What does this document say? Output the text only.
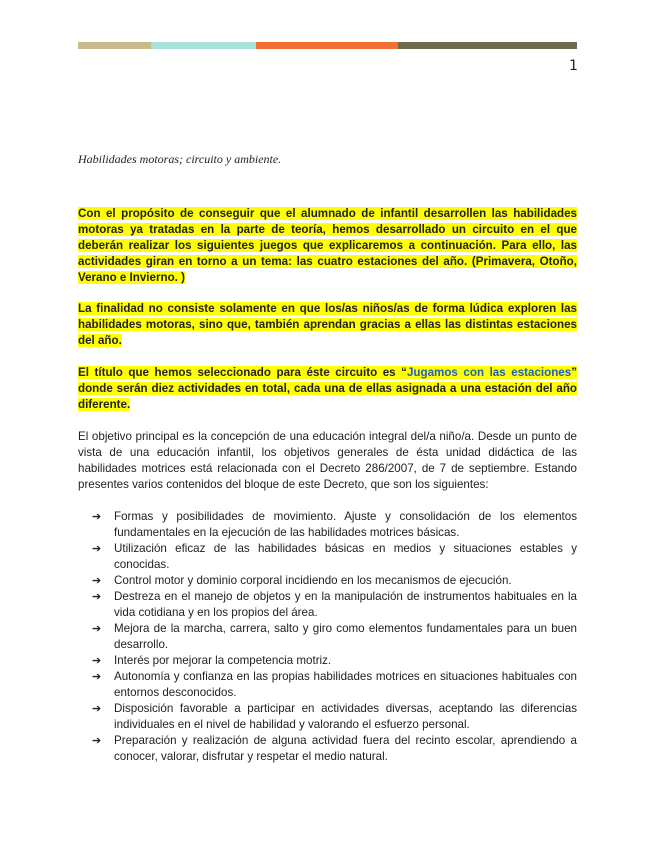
1
Habilidades motoras; circuito y ambiente.

Con el propósito de conseguir que el alumnado de infantil desarrollen las habilidades motoras ya tratadas en la parte de teoría, hemos desarrollado un circuito en el que deberán realizar los siguientes juegos que explicaremos a continuación. Para ello, las actividades giran en torno a un tema: las cuatro estaciones del año. (Primavera, Otoño, Verano e Invierno. )

La finalidad no consiste solamente en que los/as niños/as de forma lúdica exploren las habilidades motoras, sino que, también aprendan gracias a ellas las distintas estaciones del año.

El título que hemos seleccionado para éste circuito es “Jugamos con las estaciones” donde serán diez actividades en total, cada una de ellas asignada a una estación del año diferente.

El objetivo principal es la concepción de una educación integral del/a niño/a. Desde un punto de vista de una educación infantil, los objetivos generales de ésta unidad didáctica de las habilidades motrices está relacionada con el Decreto 286/2007, de 7 de septiembre. Estando presentes varios contenidos del bloque de este Decreto, que son los siguientes:

➔ Formas y posibilidades de movimiento. Ajuste y consolidación de los elementos fundamentales en la ejecución de las habilidades motrices básicas.
➔ Utilización eficaz de las habilidades básicas en medios y situaciones estables y conocidas.
➔ Control motor y dominio corporal incidiendo en los mecanismos de ejecución.
➔ Destreza en el manejo de objetos y en la manipulación de instrumentos habituales en la vida cotidiana y en los propios del área.
➔ Mejora de la marcha, carrera, salto y giro como elementos fundamentales para un buen desarrollo.
➔ Interés por mejorar la competencia motriz.
➔ Autonomía y confianza en las propias habilidades motrices en situaciones habituales con entornos desconocidos.
➔ Disposición favorable a participar en actividades diversas, aceptando las diferencias individuales en el nivel de habilidad y valorando el esfuerzo personal.
➔ Preparación y realización de alguna actividad fuera del recinto escolar, aprendiendo a conocer, valorar, disfrutar y respetar el medio natural.
